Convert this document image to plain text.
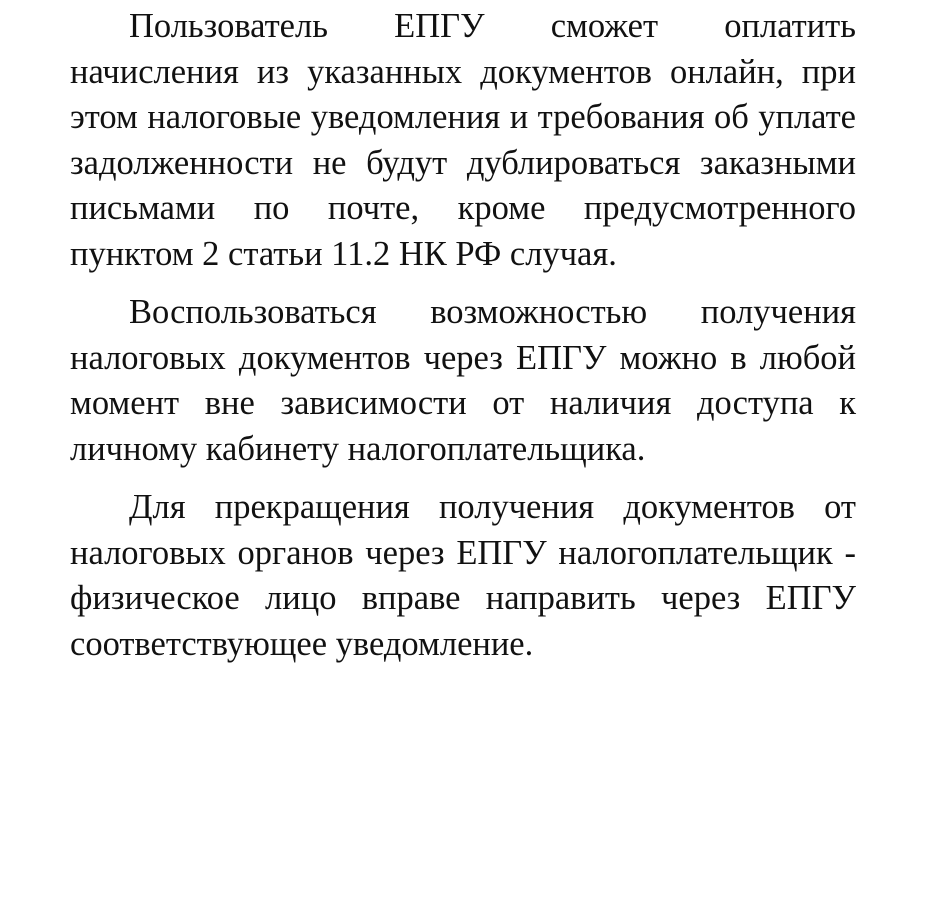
Пользователь ЕПГУ сможет оплатить начисления из указанных документов онлайн, при этом налоговые уведомления и требования об уплате задолженности не будут дублироваться заказными письмами по почте, кроме предусмотренного пунктом 2 статьи 11.2 НК РФ случая.

Воспользоваться возможностью получения налоговых документов через ЕПГУ можно в любой момент вне зависимости от наличия доступа к личному кабинету налогоплательщика.

Для прекращения получения документов от налоговых органов через ЕПГУ налогоплательщик - физическое лицо вправе направить через ЕПГУ соответствующее уведомление.
